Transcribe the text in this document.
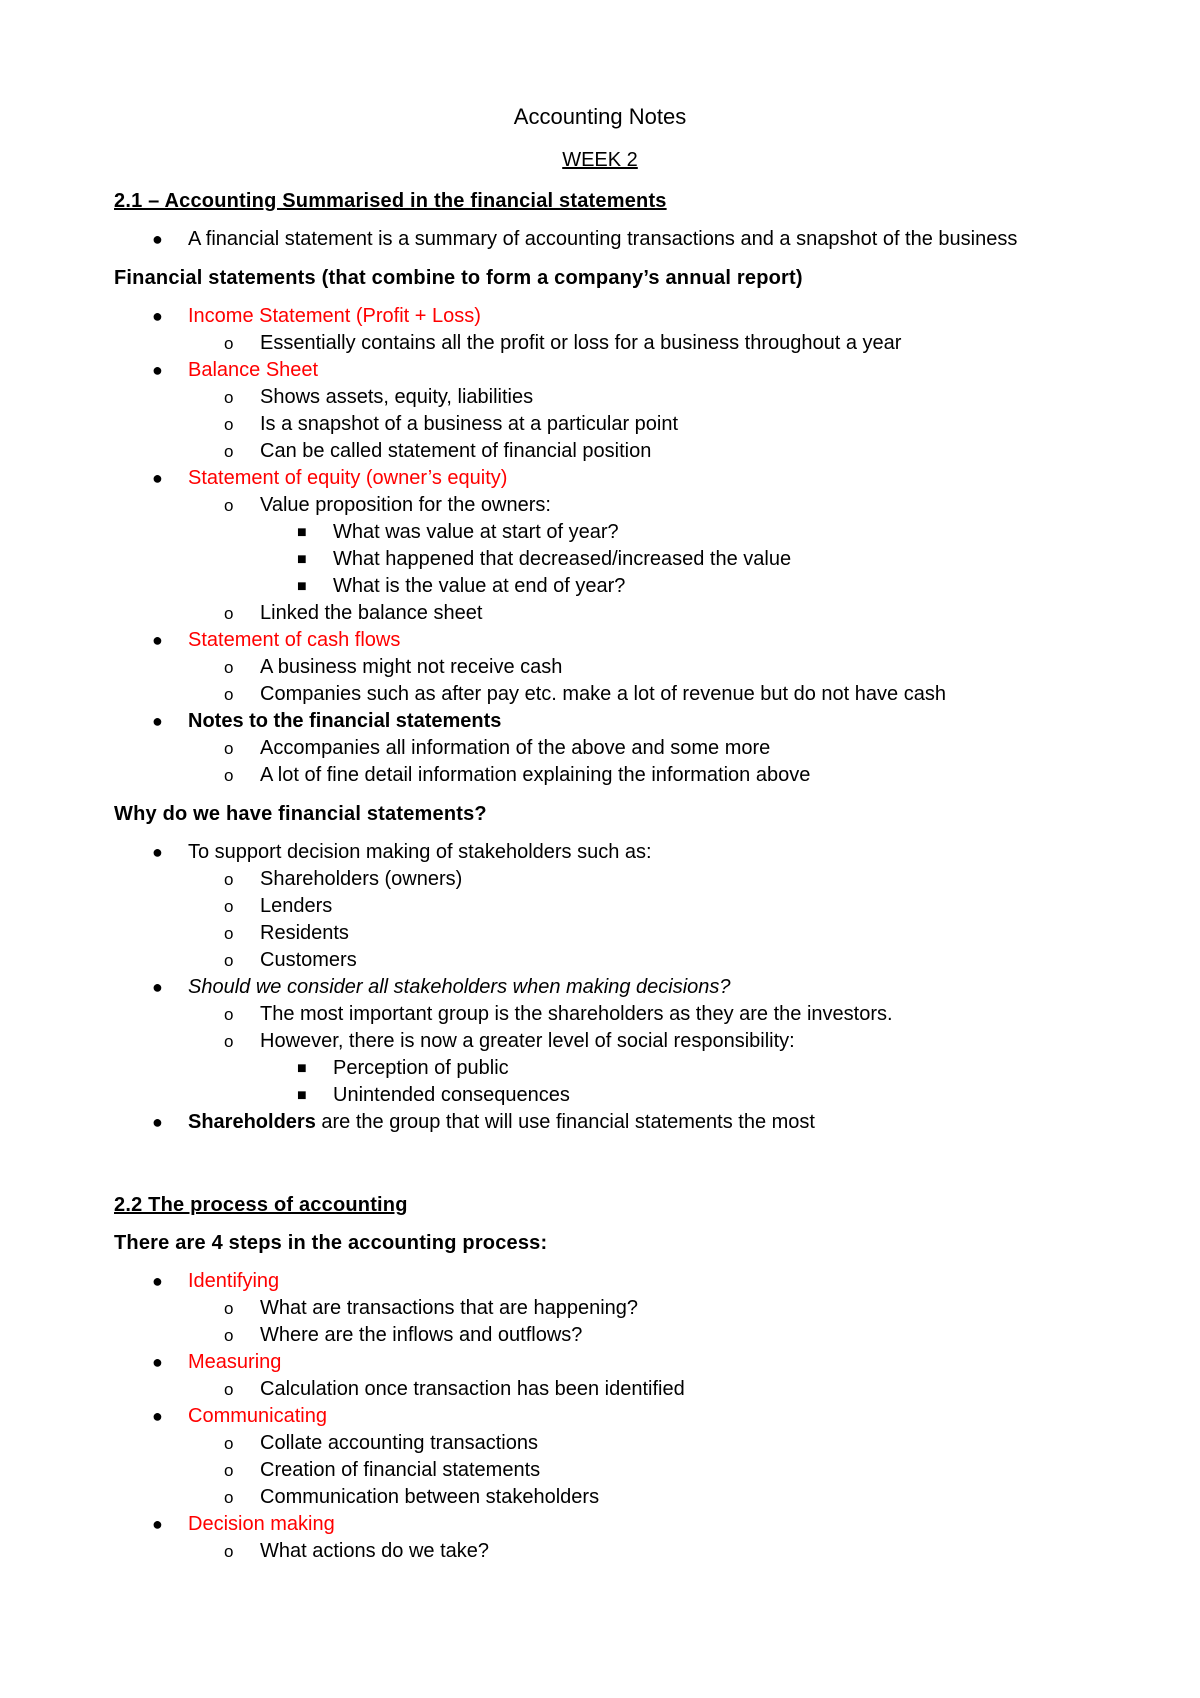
Accounting Notes
WEEK 2
2.1 – Accounting Summarised in the financial statements
● A financial statement is a summary of accounting transactions and a snapshot of the business
Financial statements (that combine to form a company’s annual report)
● Income Statement (Profit + Loss)
o Essentially contains all the profit or loss for a business throughout a year
● Balance Sheet
o Shows assets, equity, liabilities
o Is a snapshot of a business at a particular point
o Can be called statement of financial position
● Statement of equity (owner’s equity)
o Value proposition for the owners:
■ What was value at start of year?
■ What happened that decreased/increased the value
■ What is the value at end of year?
o Linked the balance sheet
● Statement of cash flows
o A business might not receive cash
o Companies such as after pay etc. make a lot of revenue but do not have cash
● Notes to the financial statements
o Accompanies all information of the above and some more
o A lot of fine detail information explaining the information above
Why do we have financial statements?
● To support decision making of stakeholders such as:
o Shareholders (owners)
o Lenders
o Residents
o Customers
● Should we consider all stakeholders when making decisions?
o The most important group is the shareholders as they are the investors.
o However, there is now a greater level of social responsibility:
■ Perception of public
■ Unintended consequences
● Shareholders are the group that will use financial statements the most
2.2 The process of accounting
There are 4 steps in the accounting process:
● Identifying
o What are transactions that are happening?
o Where are the inflows and outflows?
● Measuring
o Calculation once transaction has been identified
● Communicating
o Collate accounting transactions
o Creation of financial statements
o Communication between stakeholders
● Decision making
o What actions do we take?
